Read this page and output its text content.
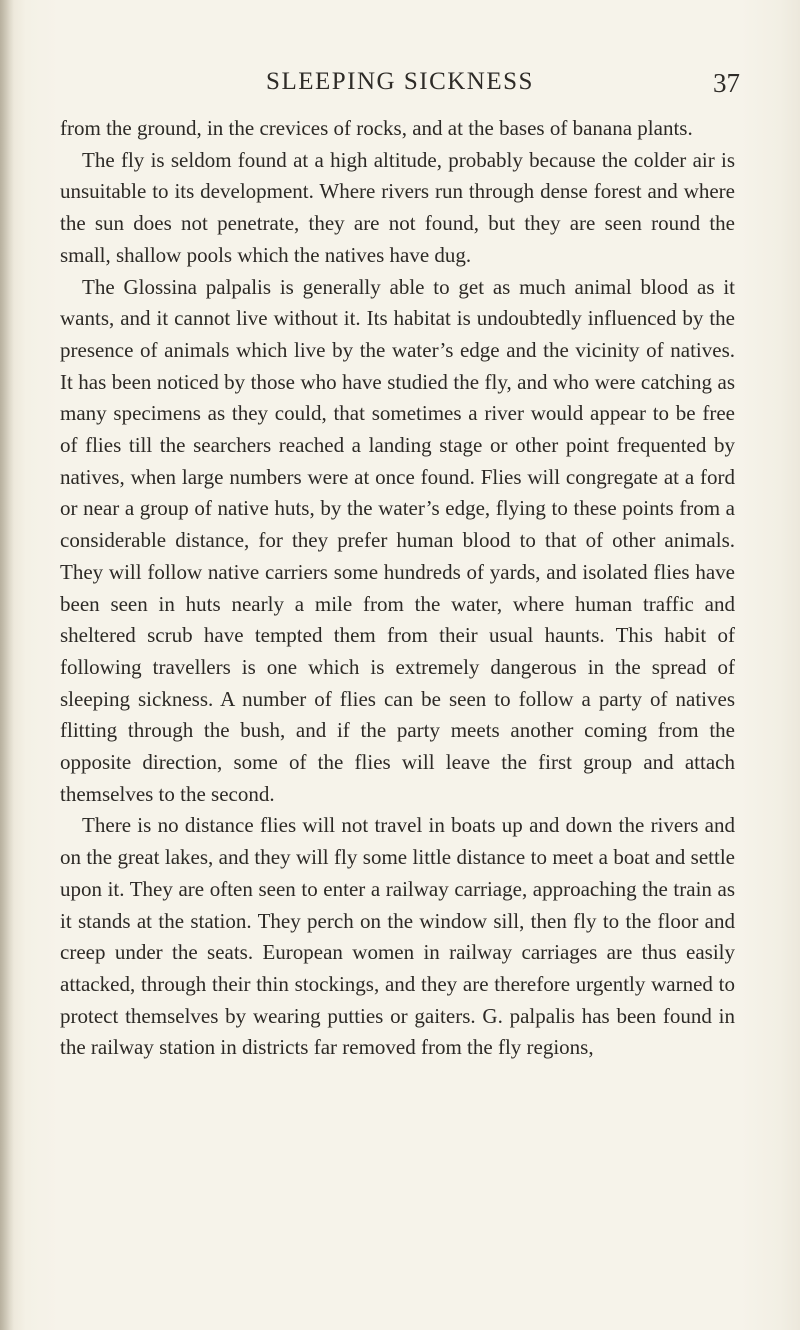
SLEEPING SICKNESS	37

from the ground, in the crevices of rocks, and at the bases of banana plants.

The fly is seldom found at a high altitude, probably because the colder air is unsuitable to its development. Where rivers run through dense forest and where the sun does not penetrate, they are not found, but they are seen round the small, shallow pools which the natives have dug.

The Glossina palpalis is generally able to get as much animal blood as it wants, and it cannot live without it. Its habitat is undoubtedly influenced by the presence of animals which live by the water’s edge and the vicinity of natives. It has been noticed by those who have studied the fly, and who were catching as many specimens as they could, that sometimes a river would appear to be free of flies till the searchers reached a landing stage or other point frequented by natives, when large numbers were at once found. Flies will congregate at a ford or near a group of native huts, by the water’s edge, flying to these points from a considerable distance, for they prefer human blood to that of other animals. They will follow native carriers some hundreds of yards, and isolated flies have been seen in huts nearly a mile from the water, where human traffic and sheltered scrub have tempted them from their usual haunts. This habit of following travellers is one which is extremely dangerous in the spread of sleeping sickness. A number of flies can be seen to follow a party of natives flitting through the bush, and if the party meets another coming from the opposite direction, some of the flies will leave the first group and attach themselves to the second.

There is no distance flies will not travel in boats up and down the rivers and on the great lakes, and they will fly some little distance to meet a boat and settle upon it. They are often seen to enter a railway carriage, approaching the train as it stands at the station. They perch on the window sill, then fly to the floor and creep under the seats. European women in railway carriages are thus easily attacked, through their thin stockings, and they are therefore urgently warned to protect themselves by wearing putties or gaiters. G. palpalis has been found in the railway station in districts far removed from the fly regions,
